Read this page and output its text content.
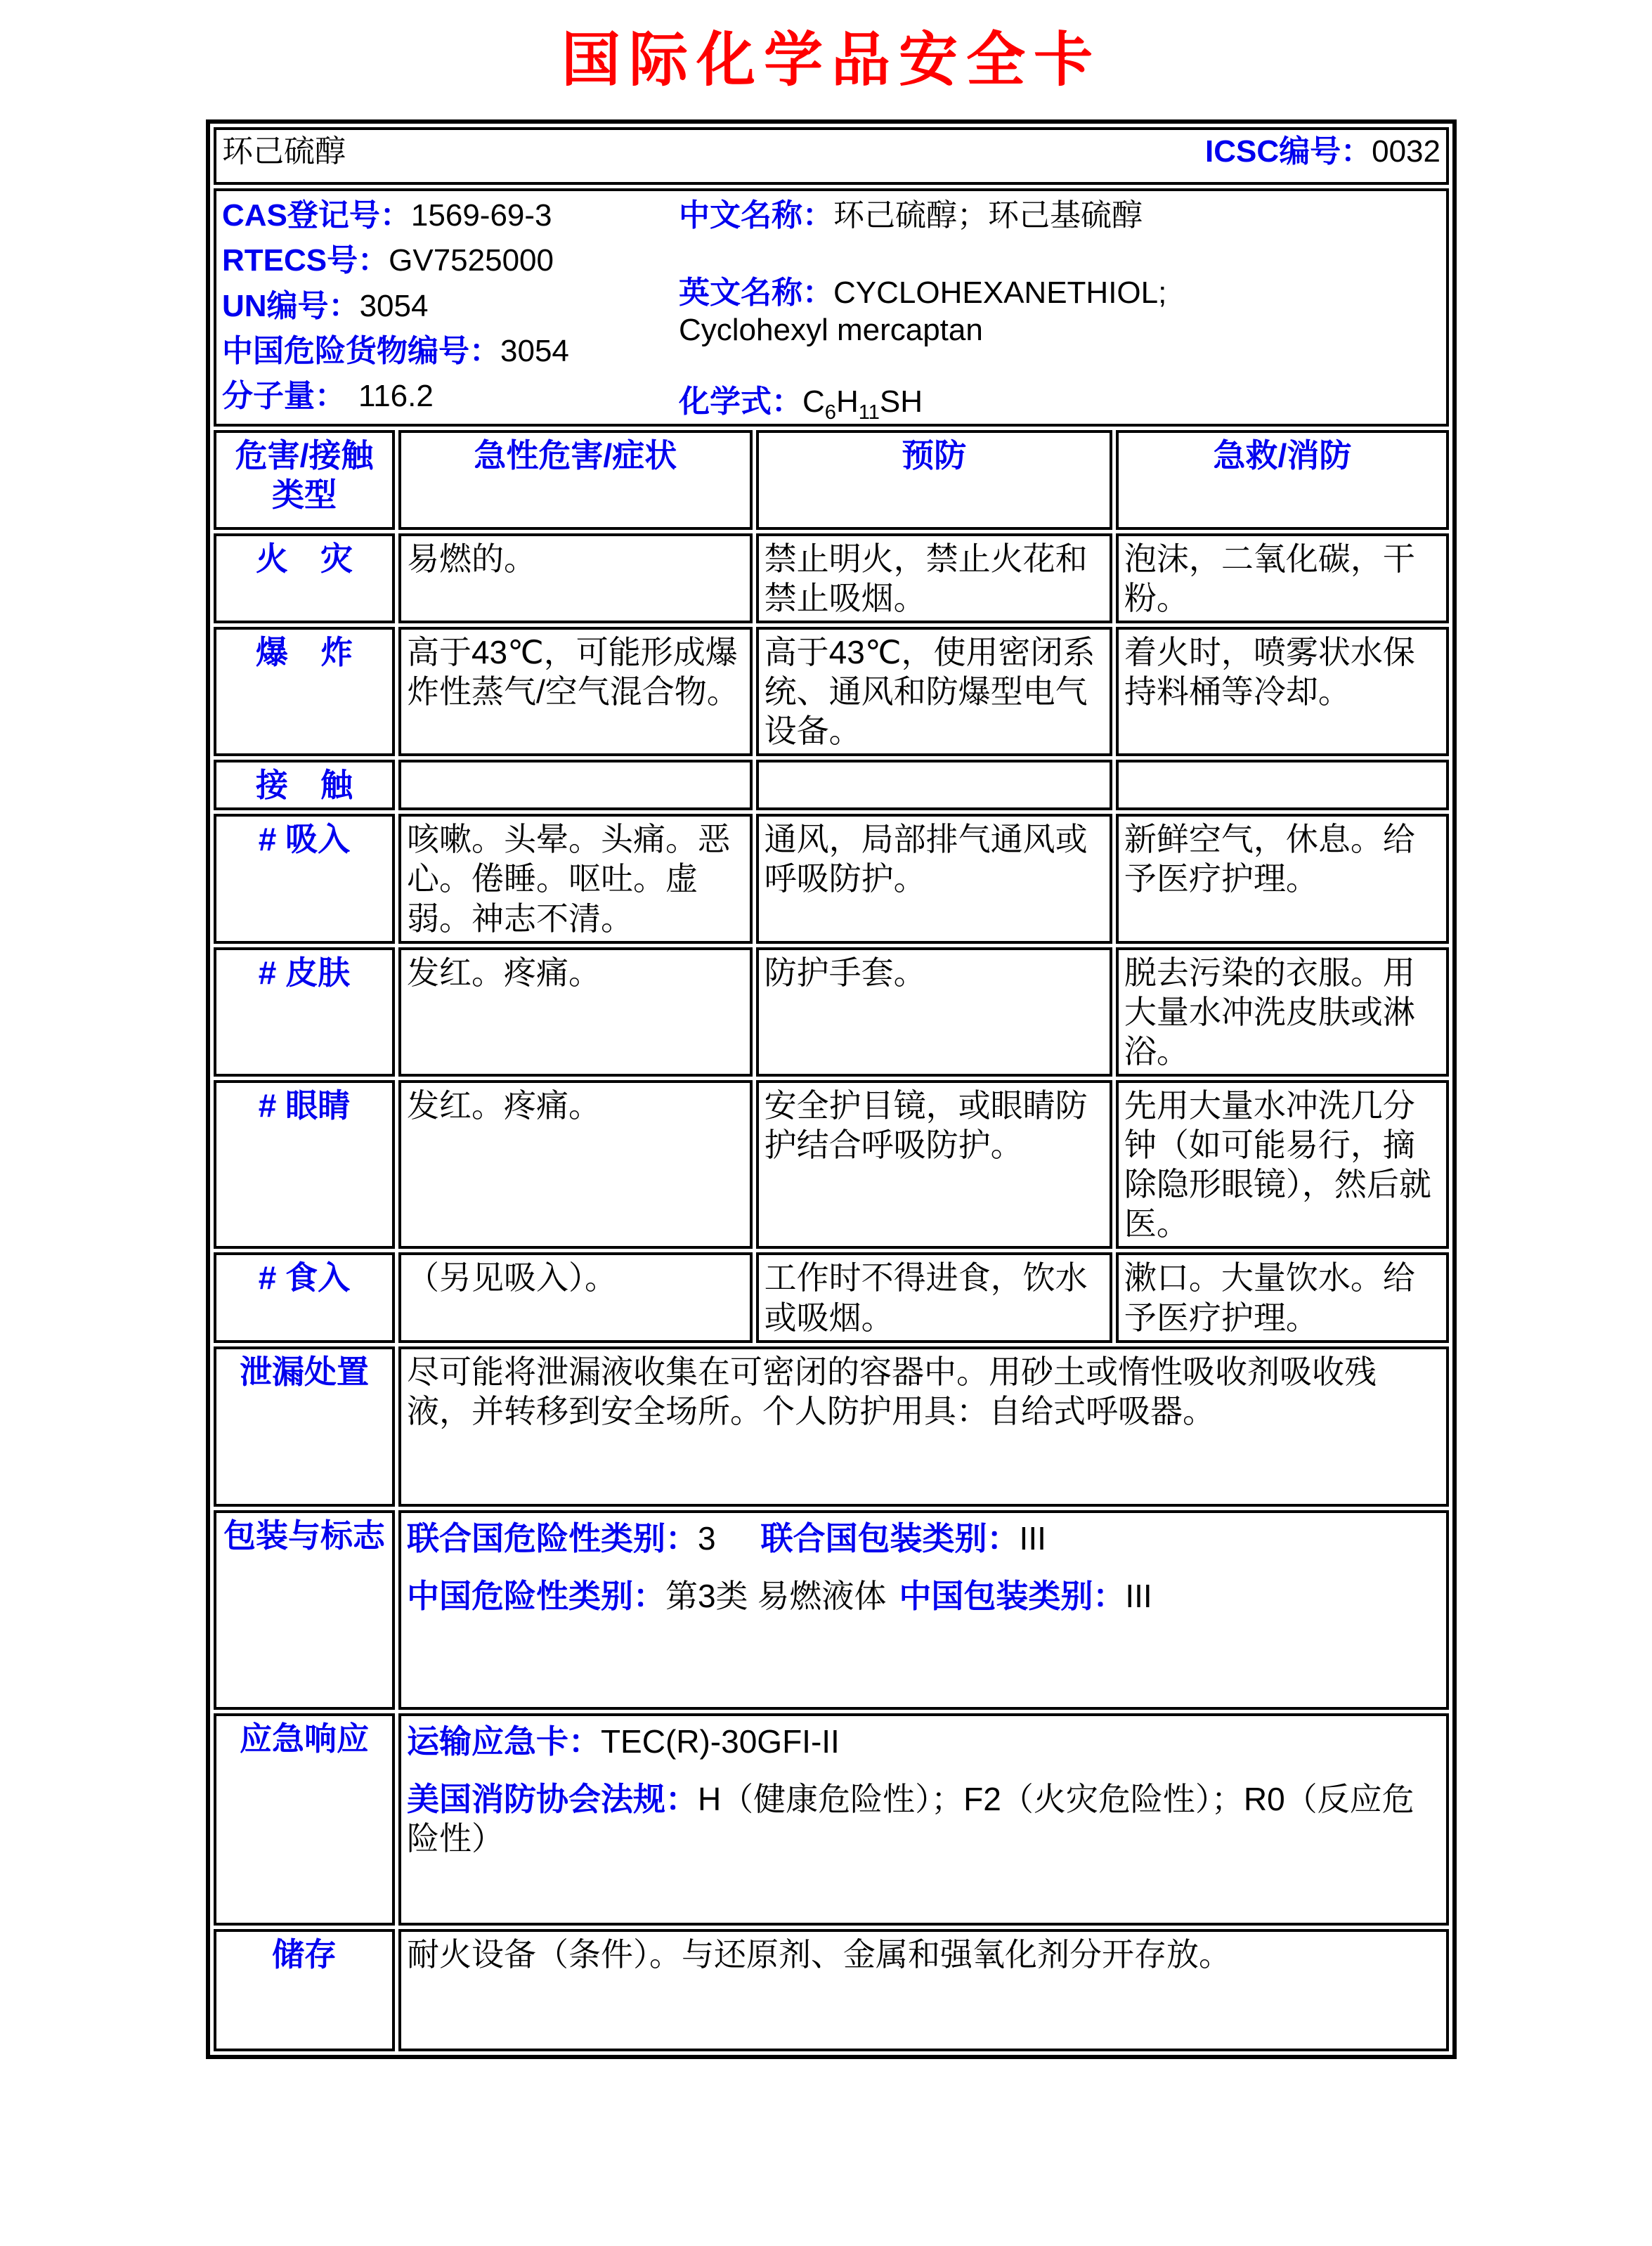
国际化学品安全卡
环己硫醇 ICSC编号：0032			

CAS登记号：1569-69-3
RTECS号：GV7525000
UN编号：3054
中国危险货物编号：3054
分子量： 116.2

中文名称：环己硫醇；环己基硫醇

英文名称：CYCLOHEXANETHIOL; Cyclohexyl mercaptan

化学式：$C_6H_{11}SH$

危害/接触类型	急性危害/症状	预防	急救/消防
火　灾	易燃的。	禁止明火，禁止火花和禁止吸烟。	泡沫，二氧化碳，干粉。
爆　炸	高于43℃，可能形成爆炸性蒸气/空气混合物。	高于43℃，使用密闭系统、通风和防爆型电气设备。	着火时，喷雾状水保持料桶等冷却。
接　触			
# 吸入	咳嗽。头晕。头痛。恶心。倦睡。呕吐。虚弱。神志不清。	通风，局部排气通风或呼吸防护。	新鲜空气，休息。给予医疗护理。
# 皮肤	发红。疼痛。	防护手套。	脱去污染的衣服。用大量水冲洗皮肤或淋浴。
# 眼睛	发红。疼痛。	安全护目镜，或眼睛防护结合呼吸防护。	先用大量水冲洗几分钟（如可能易行，摘除隐形眼镜），然后就医。
# 食入	（另见吸入）。	工作时不得进食，饮水或吸烟。	漱口。大量饮水。给予医疗护理。
泄漏处置	尽可能将泄漏液收集在可密闭的容器中。用砂土或惰性吸收剂吸收残液，并转移到安全场所。个人防护用具：自给式呼吸器。		
包装与标志	联合国危险性类别：3 联合国包装类别：III
中国危险性类别：第3类 易燃液体 中国包装类别：III		

应急响应	运输应急卡：TEC(R)-30GFI-II
美国消防协会法规：H（健康危险性）；F2（火灾危险性）；R0（反应危险性）		

储存	耐火设备（条件）。与还原剂、金属和强氧化剂分开存放。		
